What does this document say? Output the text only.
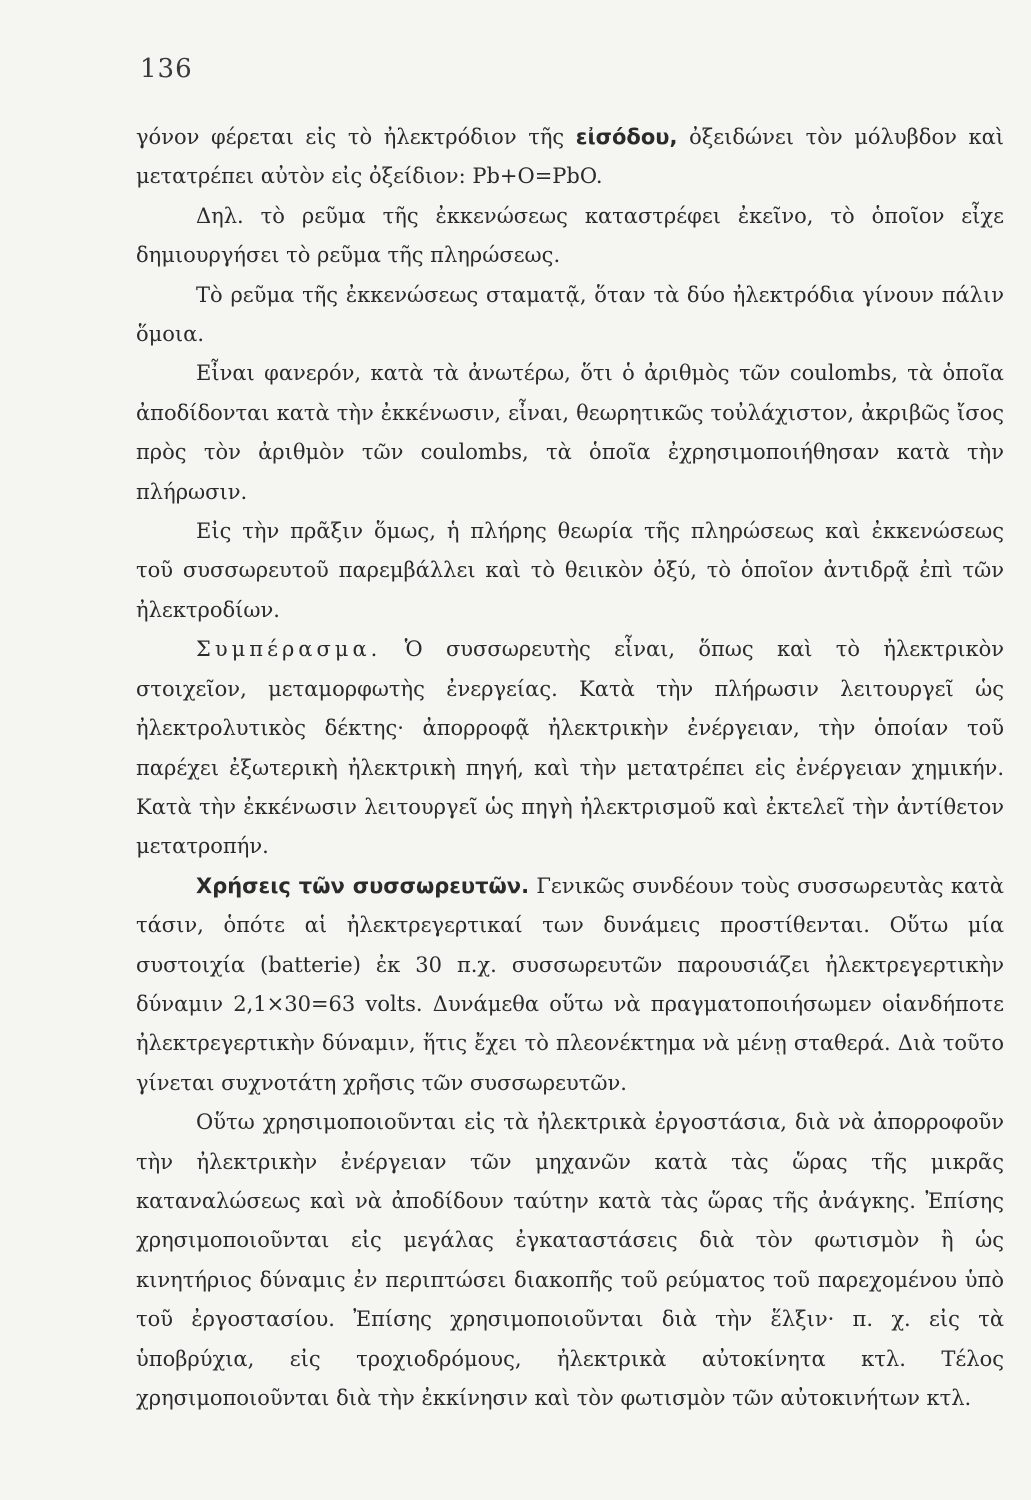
136

γόνον φέρεται εἰς τὸ ἠλεκτρόδιον τῆς εἰσόδου, ὀξειδώνει τὸν μόλυβδον καὶ μετατρέπει αὐτὸν εἰς ὀξείδιον: Pb+O=PbO.

Δηλ. τὸ ρεῦμα τῆς ἐκκενώσεως καταστρέφει ἐκεῖνο, τὸ ὁποῖον εἶχε δημιουργήσει τὸ ρεῦμα τῆς πληρώσεως.

Τὸ ρεῦμα τῆς ἐκκενώσεως σταματᾷ, ὅταν τὰ δύο ἠλεκτρόδια γίνουν πάλιν ὅμοια.

Εἶναι φανερόν, κατὰ τὰ ἀνωτέρω, ὅτι ὁ ἀριθμὸς τῶν coulombs, τὰ ὁποῖα ἀποδίδονται κατὰ τὴν ἐκκένωσιν, εἶναι, θεωρητικῶς τοὐλάχιστον, ἀκριβῶς ἴσος πρὸς τὸν ἀριθμὸν τῶν coulombs, τὰ ὁποῖα ἐχρησιμοποιήθησαν κατὰ τὴν πλήρωσιν.

Εἰς τὴν πρᾶξιν ὅμως, ἡ πλήρης θεωρία τῆς πληρώσεως καὶ ἐκκενώσεως τοῦ συσσωρευτοῦ παρεμβάλλει καὶ τὸ θειικὸν ὀξύ, τὸ ὁποῖον ἀντιδρᾷ ἐπὶ τῶν ἠλεκτροδίων.

Συμπέρασμα. Ὁ συσσωρευτὴς εἶναι, ὅπως καὶ τὸ ἠλεκτρικὸν στοιχεῖον, μεταμορφωτὴς ἐνεργείας. Κατὰ τὴν πλήρωσιν λειτουργεῖ ὡς ἠλεκτρολυτικὸς δέκτης· ἀπορροφᾷ ἠλεκτρικὴν ἐνέργειαν, τὴν ὁποίαν τοῦ παρέχει ἐξωτερικὴ ἠλεκτρικὴ πηγή, καὶ τὴν μετατρέπει εἰς ἐνέργειαν χημικήν. Κατὰ τὴν ἐκκένωσιν λειτουργεῖ ὡς πηγὴ ἠλεκτρισμοῦ καὶ ἐκτελεῖ τὴν ἀντίθετον μετατροπήν.

Χρήσεις τῶν συσσωρευτῶν. Γενικῶς συνδέουν τοὺς συσσωρευτὰς κατὰ τάσιν, ὁπότε αἱ ἠλεκτρεγερτικαί των δυνάμεις προστίθενται. Οὕτω μία συστοιχία (batterie) ἐκ 30 π.χ. συσσωρευτῶν παρουσιάζει ἠλεκτρεγερτικὴν δύναμιν 2,1×30=63 volts. Δυνάμεθα οὕτω νὰ πραγματοποιήσωμεν οἱανδήποτε ἠλεκτρεγερτικὴν δύναμιν, ἥτις ἔχει τὸ πλεονέκτημα νὰ μένῃ σταθερά. Διὰ τοῦτο γίνεται συχνοτάτη χρῆσις τῶν συσσωρευτῶν.

Οὕτω χρησιμοποιοῦνται εἰς τὰ ἠλεκτρικὰ ἐργοστάσια, διὰ νὰ ἀπορροφοῦν τὴν ἠλεκτρικὴν ἐνέργειαν τῶν μηχανῶν κατὰ τὰς ὥρας τῆς μικρᾶς καταναλώσεως καὶ νὰ ἀποδίδουν ταύτην κατὰ τὰς ὥρας τῆς ἀνάγκης. Ἐπίσης χρησιμοποιοῦνται εἰς μεγάλας ἐγκαταστάσεις διὰ τὸν φωτισμὸν ἢ ὡς κινητήριος δύναμις ἐν περιπτώσει διακοπῆς τοῦ ρεύματος τοῦ παρεχομένου ὑπὸ τοῦ ἐργοστασίου. Ἐπίσης χρησιμοποιοῦνται διὰ τὴν ἕλξιν· π. χ. εἰς τὰ ὑποβρύχια, εἰς τροχιοδρόμους, ἠλεκτρικὰ αὐτοκίνητα κτλ. Τέλος χρησιμοποιοῦνται διὰ τὴν ἐκκίνησιν καὶ τὸν φωτισμὸν τῶν αὐτοκινήτων κτλ.
